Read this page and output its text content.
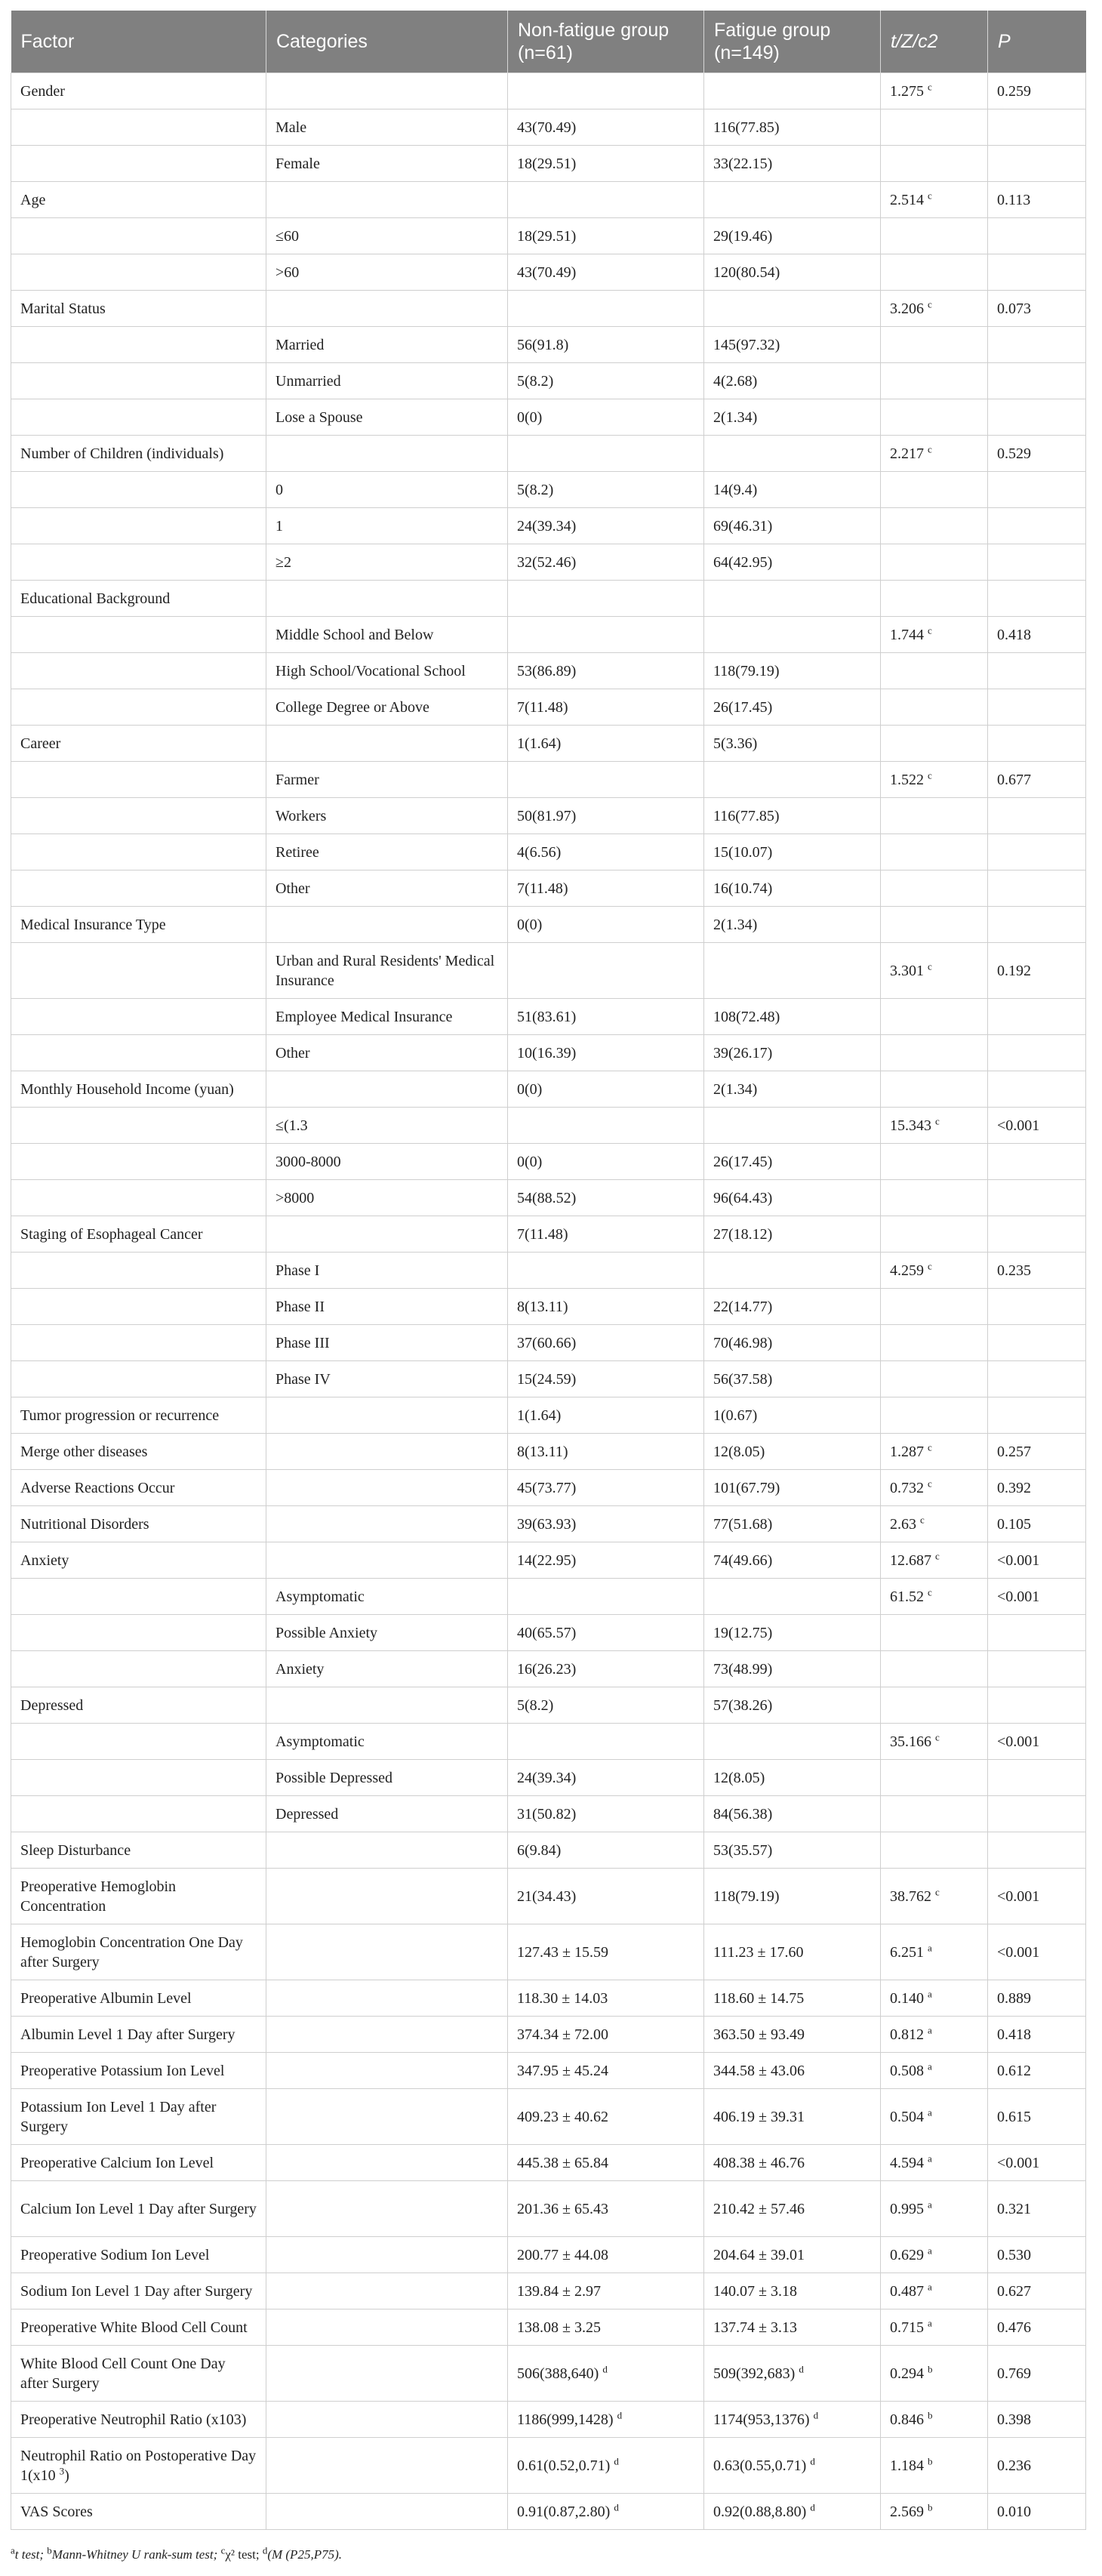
Factor	Categories	Non-fatigue group (n=61)	Fatigue group (n=149)	t/Z/c2	P
Gender				1.275 $^c$	0.259
	Male	43(70.49)	116(77.85)		
	Female	18(29.51)	33(22.15)		
Age				2.514 $^c$	0.113
	≤60	18(29.51)	29(19.46)		
	>60	43(70.49)	120(80.54)		
Marital Status				3.206 $^c$	0.073
	Married	56(91.8)	145(97.32)		
	Unmarried	5(8.2)	4(2.68)		
	Lose a Spouse	0(0)	2(1.34)		
Number of Children (individuals)				2.217 $^c$	0.529
	0	5(8.2)	14(9.4)		
	1	24(39.34)	69(46.31)		
	≥2	32(52.46)	64(42.95)		
Educational Background					
	Middle School and Below			1.744 $^c$	0.418
	High School/Vocational School	53(86.89)	118(79.19)		
	College Degree or Above	7(11.48)	26(17.45)		
Career		1(1.64)	5(3.36)		
	Farmer			1.522 $^c$	0.677
	Workers	50(81.97)	116(77.85)		
	Retiree	4(6.56)	15(10.07)		
	Other	7(11.48)	16(10.74)		
Medical Insurance Type		0(0)	2(1.34)		
	Urban and Rural Residents' Medical Insurance			3.301 $^c$	0.192
	Employee Medical Insurance	51(83.61)	108(72.48)		
	Other	10(16.39)	39(26.17)		
Monthly Household Income (yuan)		0(0)	2(1.34)		
	≤(1.3			15.343 $^c$	<0.001
	3000-8000	0(0)	26(17.45)		
	>8000	54(88.52)	96(64.43)		
Staging of Esophageal Cancer		7(11.48)	27(18.12)		
	Phase I			4.259 $^c$	0.235
	Phase II	8(13.11)	22(14.77)		
	Phase III	37(60.66)	70(46.98)		
	Phase IV	15(24.59)	56(37.58)		
Tumor progression or recurrence		1(1.64)	1(0.67)		
Merge other diseases		8(13.11)	12(8.05)	1.287 $^c$	0.257
Adverse Reactions Occur		45(73.77)	101(67.79)	0.732 $^c$	0.392
Nutritional Disorders		39(63.93)	77(51.68)	2.63 $^c$	0.105
Anxiety		14(22.95)	74(49.66)	12.687 $^c$	<0.001
	Asymptomatic			61.52 $^c$	<0.001
	Possible Anxiety	40(65.57)	19(12.75)		
	Anxiety	16(26.23)	73(48.99)		
Depressed		5(8.2)	57(38.26)		
	Asymptomatic			35.166 $^c$	<0.001
	Possible Depressed	24(39.34)	12(8.05)		
	Depressed	31(50.82)	84(56.38)		
Sleep Disturbance		6(9.84)	53(35.57)		
Preoperative Hemoglobin Concentration		21(34.43)	118(79.19)	38.762 $^c$	<0.001
Hemoglobin Concentration One Day after Surgery		127.43 ± 15.59	111.23 ± 17.60	6.251 $^a$	<0.001
Preoperative Albumin Level		118.30 ± 14.03	118.60 ± 14.75	0.140 $^a$	0.889
Albumin Level 1 Day after Surgery		374.34 ± 72.00	363.50 ± 93.49	0.812 $^a$	0.418
Preoperative Potassium Ion Level		347.95 ± 45.24	344.58 ± 43.06	0.508 $^a$	0.612
Potassium Ion Level 1 Day after Surgery		409.23 ± 40.62	406.19 ± 39.31	0.504 $^a$	0.615
Preoperative Calcium Ion Level		445.38 ± 65.84	408.38 ± 46.76	4.594 $^a$	<0.001
Calcium Ion Level 1 Day after Surgery		201.36 ± 65.43	210.42 ± 57.46	0.995 $^a$	0.321
Preoperative Sodium Ion Level		200.77 ± 44.08	204.64 ± 39.01	0.629 $^a$	0.530
Sodium Ion Level 1 Day after Surgery		139.84 ± 2.97	140.07 ± 3.18	0.487 $^a$	0.627
Preoperative White Blood Cell Count		138.08 ± 3.25	137.74 ± 3.13	0.715 $^a$	0.476
White Blood Cell Count One Day after Surgery		506(388,640) $^d$	509(392,683) $^d$	0.294 $^b$	0.769
Preoperative Neutrophil Ratio (x103)		1186(999,1428) $^d$	1174(953,1376) $^d$	0.846 $^b$	0.398
Neutrophil Ratio on Postoperative Day 1(x10 $^3$)		0.61(0.52,0.71) $^d$	0.63(0.55,0.71) $^d$	1.184 $^b$	0.236
VAS Scores		0.91(0.87,2.80) $^d$	0.92(0.88,8.80) $^d$	2.569 $^b$	0.010
$^a$t test; $^b$Mann-Whitney U rank-sum test; $^c$χ² test; $^d$(M (P25,P75).
